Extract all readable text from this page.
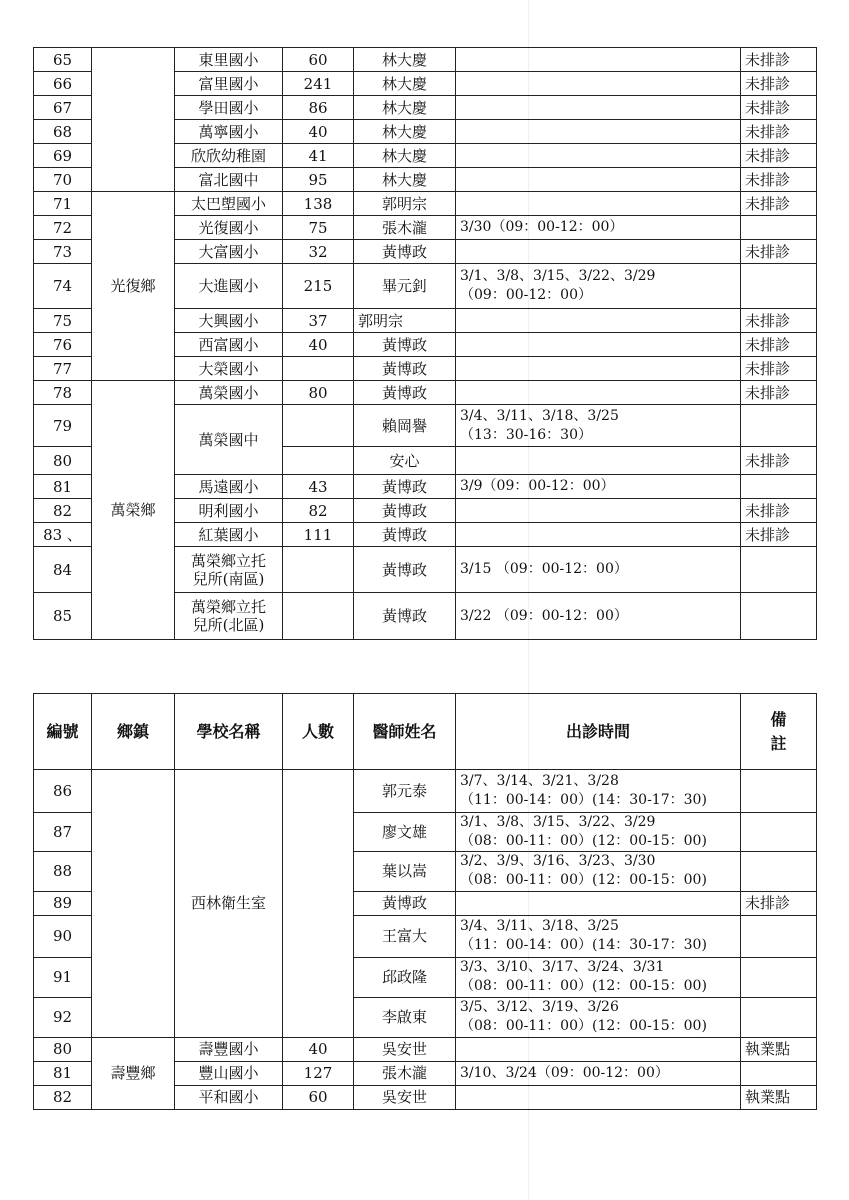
65		東里國小	60	林大慶		未排診
66		富里國小	241	林大慶		未排診
67		學田國小	86	林大慶		未排診
68		萬寧國小	40	林大慶		未排診
69		欣欣幼稚園	41	林大慶		未排診
70		富北國中	95	林大慶		未排診
71	光復鄉	太巴塱國小	138	郭明宗		未排診
72		光復國小	75	張木瀧	3/30（09：00-12：00）	
73		大富國小	32	黃博政		未排診
74		大進國小	215	畢元釗	3/1、3/8、3/15、3/22、3/29
（09：00-12：00）	
75		大興國小	37	郭明宗		未排診
76		西富國小	40	黃博政		未排診
77		大榮國小		黃博政		未排診
78	萬榮鄉	萬榮國小	80	黃博政		未排診
79		萬榮國中		賴岡譽	3/4、3/11、3/18、3/25
（13：30-16：30）	
80				安心		未排診
81		馬遠國小	43	黃博政	3/9（09：00-12：00）	
82		明利國小	82	黃博政		未排診
83 、		紅葉國小	111	黃博政		未排診
84		萬榮鄉立托
兒所(南區)		黃博政	3/15 （09：00-12：00）	
85		萬榮鄉立托
兒所(北區)		黃博政	3/22 （09：00-12：00）	
編號	鄉鎮	學校名稱	人數	醫師姓名	出診時間	備
註
86		西林衛生室		郭元泰	3/7、3/14、3/21、3/28
（11：00-14：00）(14：30-17：30)	
87				廖文雄	3/1、3/8、3/15、3/22、3/29
（08：00-11：00）(12：00-15：00)	
88				葉以嵩	3/2、3/9、3/16、3/23、3/30
（08：00-11：00）(12：00-15：00)	
89				黃博政		未排診
90				王富大	3/4、3/11、3/18、3/25
（11：00-14：00）(14：30-17：30)	
91				邱政隆	3/3、3/10、3/17、3/24、3/31
（08：00-11：00）(12：00-15：00)	
92				李啟東	3/5、3/12、3/19、3/26
（08：00-11：00）(12：00-15：00)	
80	壽豐鄉	壽豐國小	40	吳安世		執業點
81		豐山國小	127	張木瀧	3/10、3/24（09：00-12：00）	
82		平和國小	60	吳安世		執業點
